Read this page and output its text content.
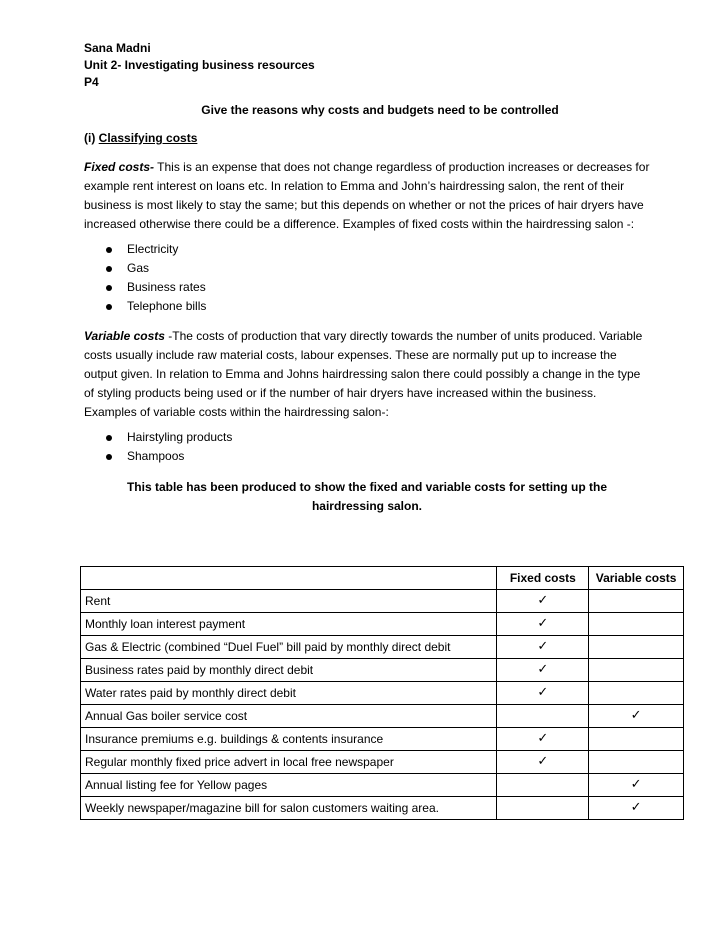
Sana Madni
Unit 2- Investigating business resources
P4
Give the reasons why costs and budgets need to be controlled
(i) Classifying costs
Fixed costs- This is an expense that does not change regardless of production increases or decreases for example rent interest on loans etc. In relation to Emma and John’s hairdressing salon, the rent of their business is most likely to stay the same; but this depends on whether or not the prices of hair dryers have increased otherwise there could be a difference. Examples of fixed costs within the hairdressing salon -:
Electricity
Gas
Business rates
Telephone bills
Variable costs -The costs of production that vary directly towards the number of units produced. Variable costs usually include raw material costs, labour expenses. These are normally put up to increase the output given. In relation to Emma and Johns hairdressing salon there could possibly a change in the type of styling products being used or if the number of hair dryers have increased within the business. Examples of variable costs within the hairdressing salon-:
Hairstyling products
Shampoos
This table has been produced to show the fixed and variable costs for setting up the hairdressing salon.
	Fixed costs	Variable costs
Rent	✓	
Monthly loan interest payment	✓	
Gas & Electric (combined “Duel Fuel” bill paid by monthly direct debit	✓	
Business rates paid by monthly direct debit	✓	
Water rates paid by monthly direct debit	✓	
Annual Gas boiler service cost		✓
Insurance premiums e.g. buildings & contents insurance	✓	
Regular monthly fixed price advert in local free newspaper	✓	
Annual listing fee for Yellow pages		✓
Weekly newspaper/magazine bill for salon customers waiting area.		✓
